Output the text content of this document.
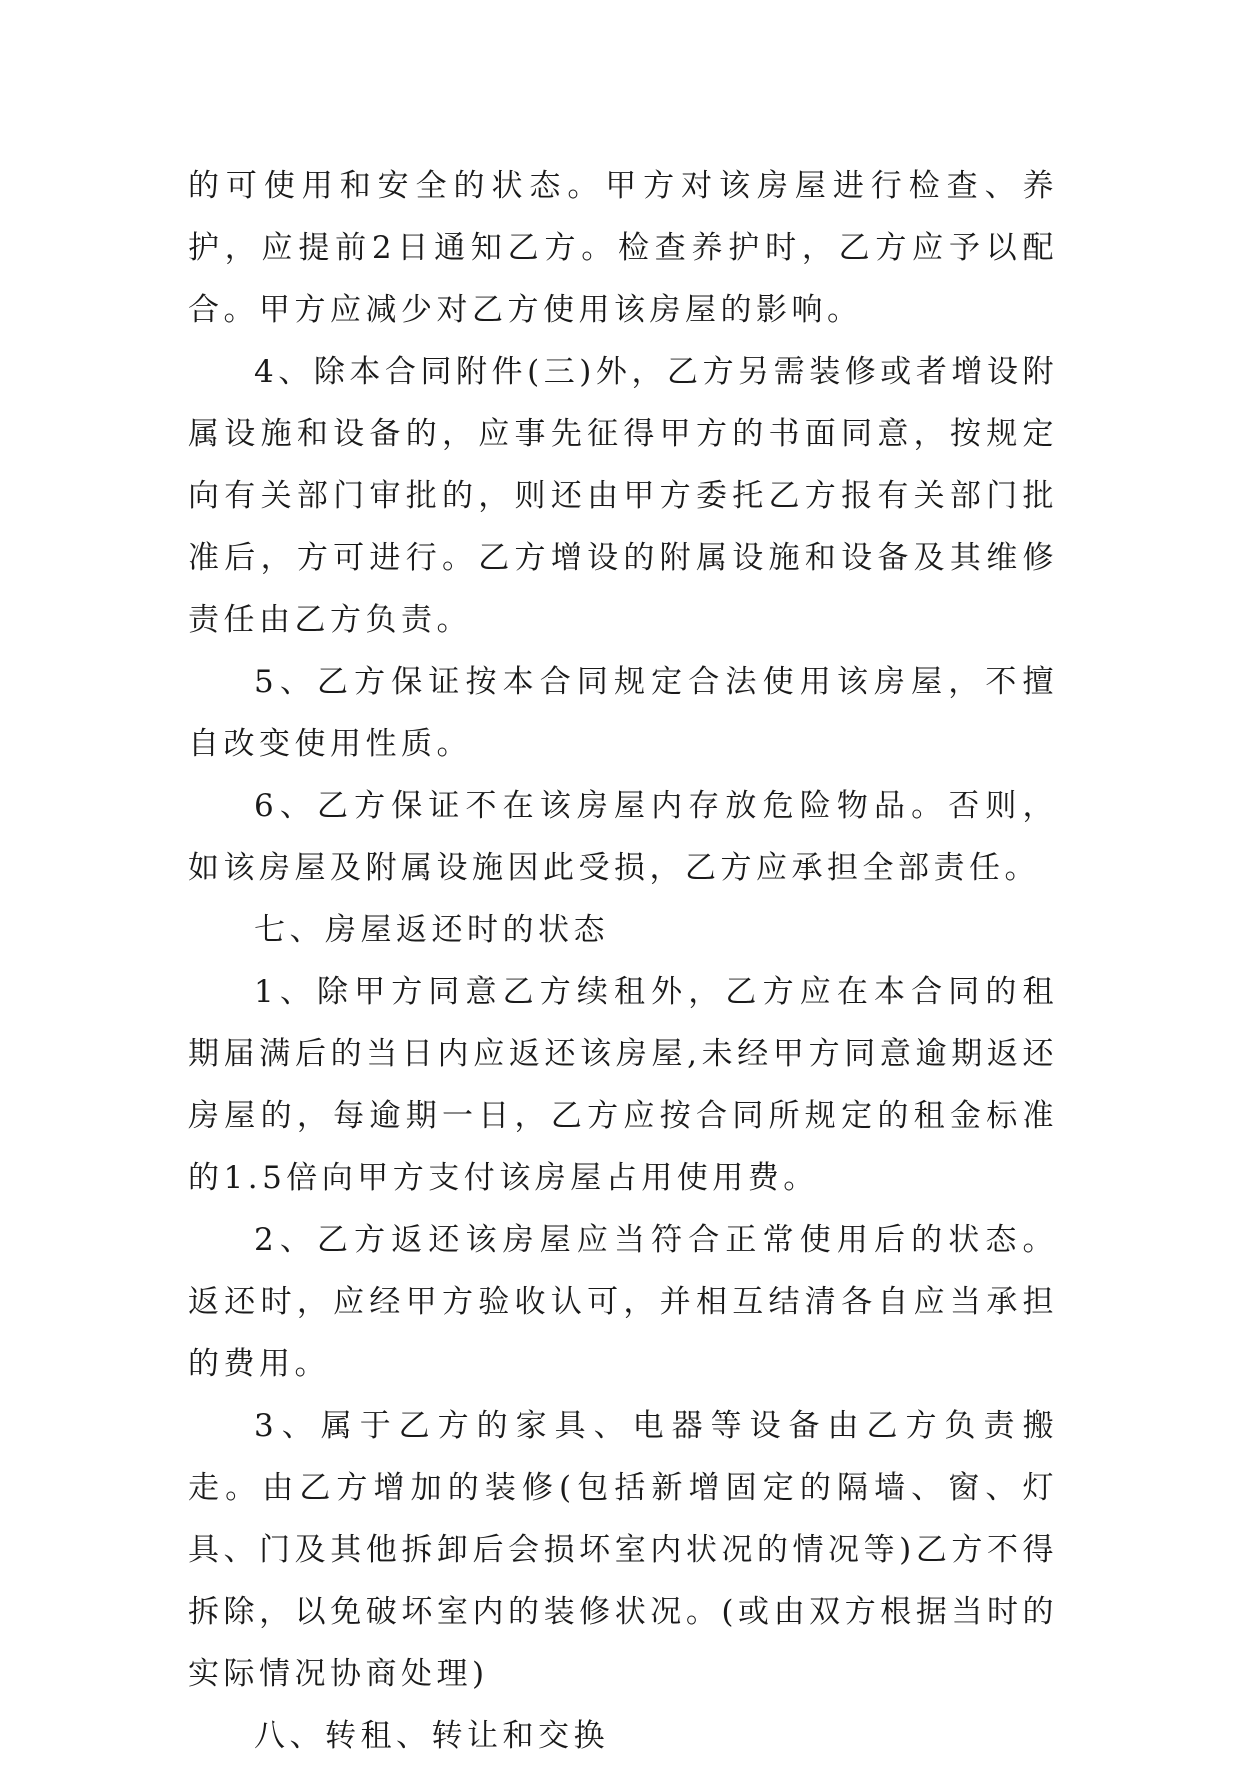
的可使用和安全的状态。甲方对该房屋进行检查、养护，应提前2日通知乙方。检查养护时，乙方应予以配合。甲方应减少对乙方使用该房屋的影响。

4、除本合同附件(三)外，乙方另需装修或者增设附属设施和设备的，应事先征得甲方的书面同意，按规定向有关部门审批的，则还由甲方委托乙方报有关部门批准后，方可进行。乙方增设的附属设施和设备及其维修责任由乙方负责。

5、乙方保证按本合同规定合法使用该房屋，不擅自改变使用性质。

6、乙方保证不在该房屋内存放危险物品。否则，如该房屋及附属设施因此受损，乙方应承担全部责任。

七、房屋返还时的状态

1、除甲方同意乙方续租外，乙方应在本合同的租期届满后的当日内应返还该房屋,未经甲方同意逾期返还房屋的，每逾期一日，乙方应按合同所规定的租金标准的1.5倍向甲方支付该房屋占用使用费。

2、乙方返还该房屋应当符合正常使用后的状态。返还时，应经甲方验收认可，并相互结清各自应当承担的费用。

3、属于乙方的家具、电器等设备由乙方负责搬走。由乙方增加的装修(包括新增固定的隔墙、窗、灯具、门及其他拆卸后会损坏室内状况的情况等)乙方不得拆除，以免破坏室内的装修状况。(或由双方根据当时的实际情况协商处理)

八、转租、转让和交换
